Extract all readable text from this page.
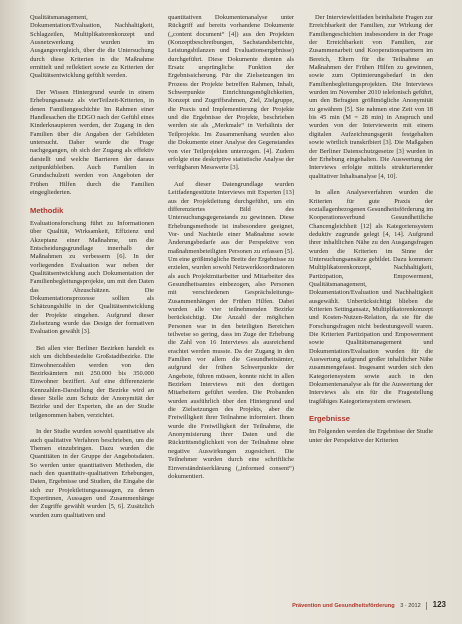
Qualitätsmanagement, Dokumentation/Evaluation, Nachhaltigkeit, Schlagzeilen, Multiplikatorenkonzept und Ausnetzwerkung wurden im Ausgangsvergleich, über die die Untersuchung durch diese Kriterien in die Maßnahme ermittelt und reflektiert sowie zu Kriterien der Qualitätsentwicklung gefühlt werden.

Der Wissen Hintergrund wurde in einem Erhebungsansatz als vierTeilzeit-Kriterien, in denen Familiengeschichte Im Rahmen einer Handlesachen die EDGO nach der Gefühl eines Kinderknaupieren werden, der Zugang in den Familien über die Angaben der Gebildeten untersucht. Daher wurde die Frage nachgegangen, ob sich der Zugang als effektiv darstellt und welche Barrieren der daraus zeitpunktbleiben. Auch Familien in Grundschulzeit werden von Angeboten der Frühen Hilfen durch die Familien eingegliederten.

Methodik

Evaluationsforschung führt zu Informationen über Qualität, Wirksamkeit, Effizienz und Akzeptanz einer Maßnahme, um die Entscheidungsgrundlage innerhalb der Maßnahmen zu verbessern [6]. In der vorliegenden Evaluation war neben der Qualitätsentwicklung auch Dokumentation der Familienbegleitungsprojekte, um mit den Daten das Abzuschätzen. Die Dokumentationsprozesse sollten als Schätzungshilfe in der Qualitätsentwicklung der Projekte eingehen. Aufgrund dieser Zielsetzung wurde das Design der formativen Evaluation gewählt [3].

Bei allen vier Berliner Bezirken handelt es sich um dichtbesiedelte Großstadtbezirke. Die Einwohnerzahlen werden von den Bezirksämtern mit 250.000 bis 350.000 Einwohner beziffert. Auf eine differenzierte Kennzahlen-Darstellung der Bezirke wird an dieser Stelle zum Schutz der Anonymität der Bezirke und der Experten, die an der Studie teilgenommen haben, verzichtet.

In der Studie wurden sowohl quantitative als auch qualitative Verfahren beschrieben, um die Themen einzubringen. Dazu wurden die Quantitäten in der Gruppe der Angebotsdaten. So werden unter quantitativen Methoden, die nach den quantitativ-qualitativen Erhebungen, Daten, Ergebnisse und Studien, die Eingabe die sich zur Projektleitungsaussagen, zu denen Expertinnen, Aussagen und Zusammenhänge der Zugriffe gewählt wurden [5, 6]. Zusätzlich wurden zum qualitativen und

quantitativen Dokumentenanalyse unter Rückgriff auf bereits vorhandene Dokumente („content document“ [4]) aus den Projekten (Konzeptbeschreibungen, Sachstandsberichte, Leistungsbilanzen und Evaluationsergebnisse) durchgeführt. Diese Dokumente dienten als Ersatz ursprüngliche Funktion der Ergebnissicherung. Für die Zielsetzungen im Prozess der Projekte betreffen Rahmen, Inhalt, Schwerpunkte Einrichtungsmöglichkeiten, Konzept und Zugriffsrahmen, Ziel, Zielgruppe, die Praxis und Implementierung der Projekte und die Ergebnisse der Projekte, beschrieben werden sie als „Merkmale“ in Verhältnis der Teilprojekte. Im Zusammenhang wurden also die Dokumente einer Analyse des Gegenstandes von vier Teilprojekten unterzogen. [4]. Zudem erfolgte eine deskriptive statistische Analyse der verfügbaren Messwerte [3].

Auf dieser Datengrundlage wurden Leitfadengestützte Interviews mit Experten [13] aus der Projektleitung durchgeführt, um ein differenziertes Bild des Untersuchungsgegenstands zu gewinnen. Diese Erhebungsmethode ist insbesondere geeignet, Vor- und Nachteile einer Maßnahme sowie Änderungsbedarfe aus der Perspektive von maßnahmenbeteiligten Personen zu erfassen [5]. Um eine größtmögliche Breite der Ergebnisse zu erzielen, wurden sowohl Netzwerkkoordinatoren als auch Projektmitarbeiter und Mitarbeiter des Gesundheitsamtes einbezogen, also Personen mit verschiedenen Gesprächsleitungs-Zusammenhängen der Frühen Hilfen. Dabei wurden alle vier teilnehmenden Bezirke berücksichtigt. Die Anzahl der möglichen Personen war in den beteiligten Bereichen teilweise so gering, dass im Zuge der Erhebung die Zahl von 16 Interviews als ausreichend erachtet werden musste. Da der Zugang in den Familien vor allem die Gesundheitsämter, aufgrund der frühen Schwerpunkte der Angebote, führen müssen, konnte nicht in allen Bezirken Interviews mit den dortigen Mitarbeitern geführt werden. Die Probanden wurden ausführlich über den Hintergrund und die Zielsetzungen des Projekts, aber die Freiwilligkeit ihrer Teilnahme informiert. Ihnen wurde die Freiwilligkeit der Teilnahme, die Anonymisierung ihrer Daten und die Rücktrittsmöglichkeit von der Teilnahme ohne negative Auswirkungen zugesichert. Die Teilnehmer wurden durch eine schriftliche Einverständniserklärung („informed consent“) dokumentiert.

Der Interviewleitfaden beinhaltete Fragen zur Erreichbarkeit der Familien, zur Wirkung der Familiengeschichten insbesondere in der Frage der Erreichbarkeit von Familien, zur Zusammenarbeit und Kooperationspartnern im Bereich, Eltern für die Teilnahme an Maßnahmen der Frühen Hilfen zu gewinnen, sowie zum Optimierungsbedarf in den Familienbegleitungsprojekten. Die Interviews wurden im November 2010 telefonisch geführt, um den Befragten größtmögliche Anonymität zu gewähren [5]. Sie nahmen eine Zeit von 18 bis 45 min (M = 28 min) in Anspruch und wurden von der Interviewerin mit einem digitalen Aufzeichnungsgerät festgehalten sowie wörtlich transkribiert [3]. Die Maßgaben der Berliner Datenschutzgesetze [3] wurden in der Erhebung eingehalten. Die Auswertung der Interviews erfolgte mittels strukturierender qualitativer Inhaltsanalyse [4, 10].

In allen Analyseverfahren wurden die Kriterien für gute Praxis der soziallagenbezogenen Gesundheitsförderung im Kooperationsverbund Gesundheitliche Chancengleichheit [12] als Kategoriensystem deduktiv zugrunde gelegt [4, 14]. Aufgrund ihrer inhaltlichen Nähe zu den Ausgangsfragen wurden die Kriterien im Sinne der Untersuchungsansätze gebildet. Dazu kommen: Multiplikatorenkonzept, Nachhaltigkeit, Partizipation, Empowerment, Qualitätsmanagement, Dokumentation/Evaluation und Nachhaltigkeit ausgewählt. Unberücksichtigt blieben die Kriterien Settingansatz, Multiplikatorenkonzept und Kosten-Nutzen-Relation, da sie für die Forschungsfragen nicht bedeutungsvoll waren. Die Kriterien Partizipation und Empowerment sowie Qualitätsmanagement und Dokumentation/Evaluation wurden für die Auswertung aufgrund großer inhaltlicher Nähe zusammengefasst. Insgesamt wurden sich den Kategoriensystem sowie auch in den Dokumentenanalyse als für die Auswertung der Interviews als ein für die Fragestellung tragfähiges Kategoriensystem erwiesen.

Ergebnisse

Im Folgenden werden die Ergebnisse der Studie unter der Perspektive der Kriterien

Prävention und Gesundheitsförderung 3 · 2012 123
